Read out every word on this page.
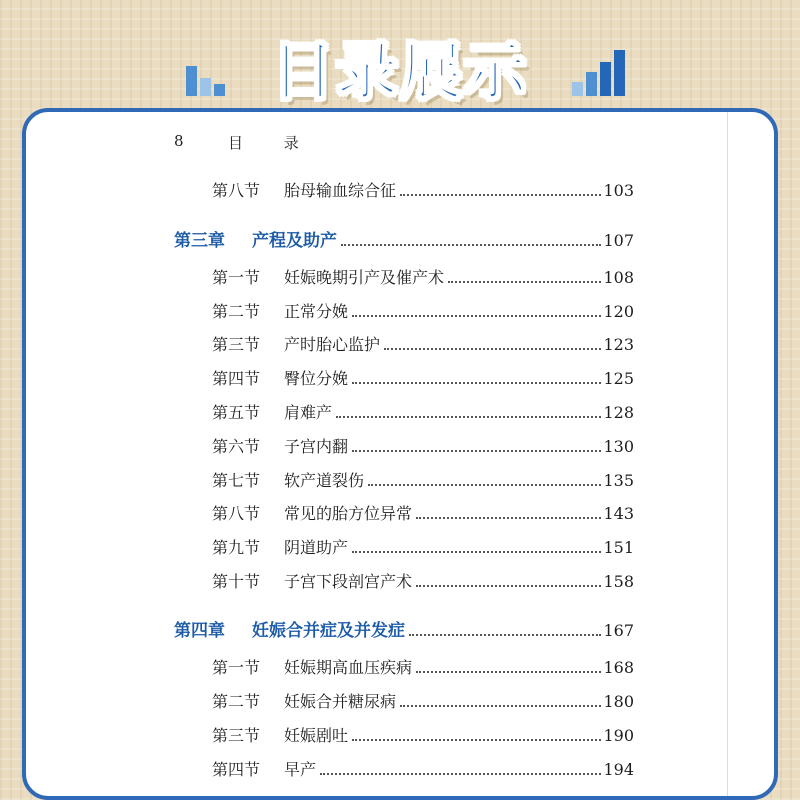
目录展示
8	目 录
第八节	胎母输血综合征	103
第三章	产程及助产	107
第一节	妊娠晚期引产及催产术	108
第二节	正常分娩	120
第三节	产时胎心监护	123
第四节	臀位分娩	125
第五节	肩难产	128
第六节	子宫内翻	130
第七节	软产道裂伤	135
第八节	常见的胎方位异常	143
第九节	阴道助产	151
第十节	子宫下段剖宫产术	158
第四章	妊娠合并症及并发症	167
第一节	妊娠期高血压疾病	168
第二节	妊娠合并糖尿病	180
第三节	妊娠剧吐	190
第四节	早产	194
